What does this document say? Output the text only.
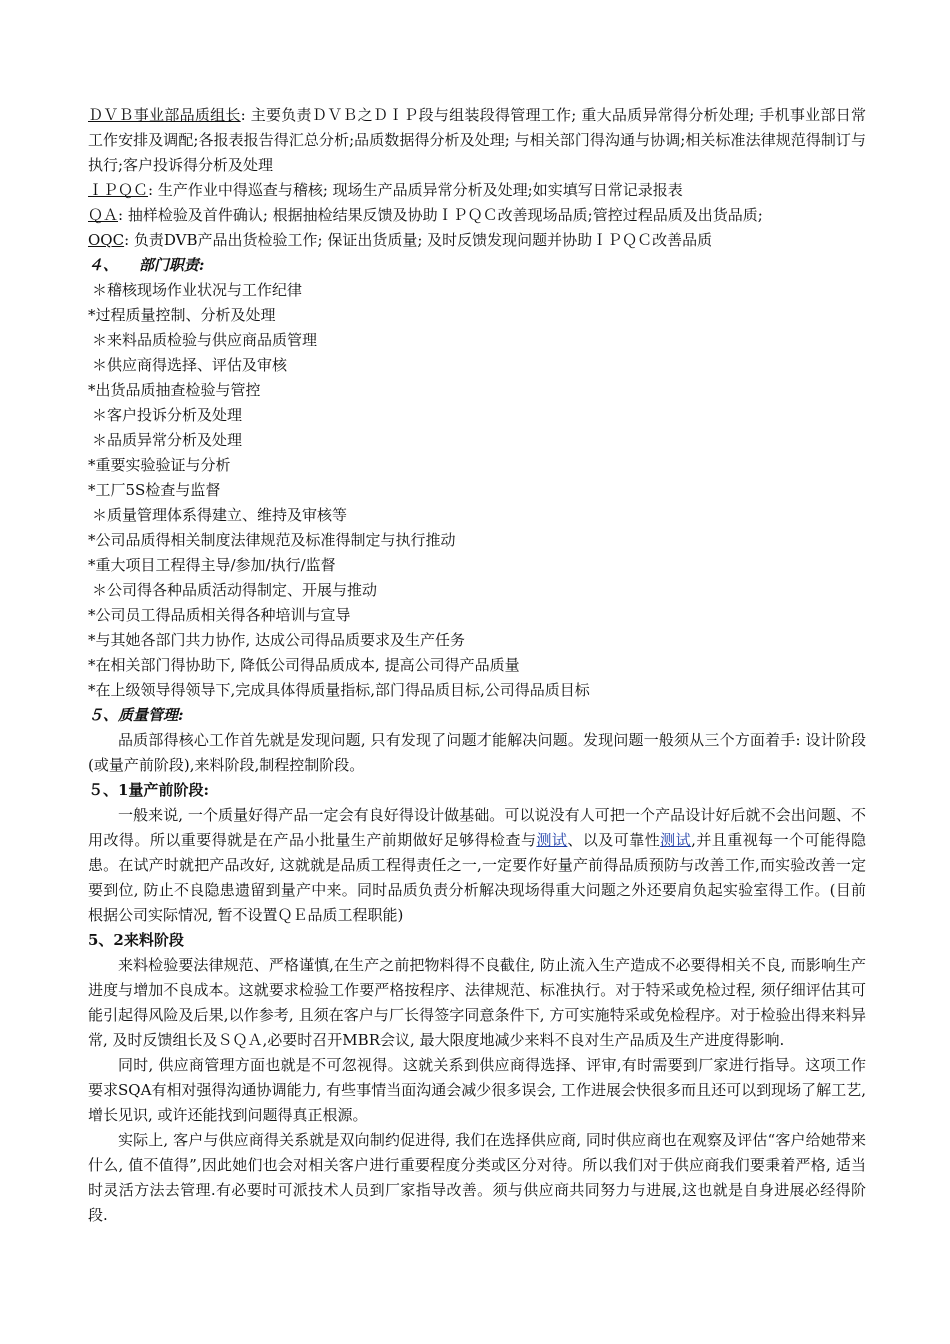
ＤＶＢ事业部品质组长: 主要负责ＤＶＢ之ＤＩＰ段与组装段得管理工作; 重大品质异常得分析处理; 手机事业部日常工作安排及调配;各报表报告得汇总分析;品质数据得分析及处理; 与相关部门得沟通与协调;相关标准法律规范得制订与执行;客户投诉得分析及处理
ＩＰＱＣ: 生产作业中得巡查与稽核; 现场生产品质异常分析及处理;如实填写日常记录报表
ＱＡ: 抽样检验及首件确认; 根据抽检结果反馈及协助ＩＰＱＣ改善现场品质;管控过程品质及出货品质;
OQC: 负责DVB产品出货检验工作; 保证出货质量; 及时反馈发现问题并协助ＩＰＱＣ改善品质
４、    部门职责:
＊稽核现场作业状况与工作纪律
*过程质量控制、分析及处理
＊来料品质检验与供应商品质管理
＊供应商得选择、评估及审核
*出货品质抽查检验与管控
＊客户投诉分析及处理
＊品质异常分析及处理
*重要实验验证与分析
*工厂5S检查与监督
＊质量管理体系得建立、维持及审核等
*公司品质得相关制度法律规范及标准得制定与执行推动
*重大项目工程得主导/参加/执行/监督
＊公司得各种品质活动得制定、开展与推动
*公司员工得品质相关得各种培训与宣导
*与其她各部门共力协作, 达成公司得品质要求及生产任务
*在相关部门得协助下, 降低公司得品质成本, 提高公司得产品质量
*在上级领导得领导下,完成具体得质量指标,部门得品质目标,公司得品质目标
５、质量管理:
品质部得核心工作首先就是发现问题, 只有发现了问题才能解决问题。发现问题一般须从三个方面着手: 设计阶段(或量产前阶段),来料阶段,制程控制阶段。
５、1量产前阶段:
一般来说, 一个质量好得产品一定会有良好得设计做基础。可以说没有人可把一个产品设计好后就不会出问题、不用改得。所以重要得就是在产品小批量生产前期做好足够得检查与测试、以及可靠性测试,并且重视每一个可能得隐患。在试产时就把产品改好, 这就就是品质工程得责任之一,一定要作好量产前得品质预防与改善工作,而实验改善一定要到位, 防止不良隐患遗留到量产中来。同时品质负责分析解决现场得重大问题之外还要肩负起实验室得工作。(目前根据公司实际情况, 暂不设置ＱＥ品质工程职能)
5、2来料阶段
来料检验要法律规范、严格谨慎,在生产之前把物料得不良截住, 防止流入生产造成不必要得相关不良, 而影响生产进度与增加不良成本。这就要求检验工作要严格按程序、法律规范、标准执行。对于特采或免检过程, 须仔细评估其可能引起得风险及后果,以作参考, 且须在客户与厂长得签字同意条件下, 方可实施特采或免检程序。对于检验出得来料异常, 及时反馈组长及ＳＱＡ,必要时召开MBR会议, 最大限度地减少来料不良对生产品质及生产进度得影响.
同时, 供应商管理方面也就是不可忽视得。这就关系到供应商得选择、评审,有时需要到厂家进行指导。这项工作要求SQA有相对强得沟通协调能力, 有些事情当面沟通会减少很多误会, 工作进展会快很多而且还可以到现场了解工艺, 增长见识, 或许还能找到问题得真正根源。
实际上, 客户与供应商得关系就是双向制约促进得, 我们在选择供应商, 同时供应商也在观察及评估“客户给她带来什么, 值不值得”,因此她们也会对相关客户进行重要程度分类或区分对待。所以我们对于供应商我们要秉着严格, 适当时灵活方法去管理.有必要时可派技术人员到厂家指导改善。须与供应商共同努力与进展,这也就是自身进展必经得阶段.
